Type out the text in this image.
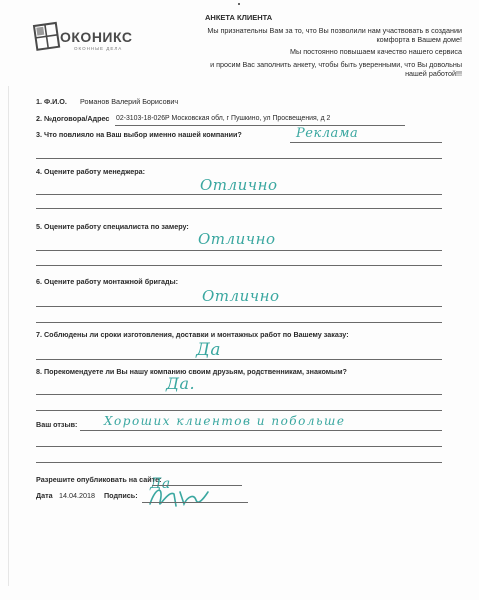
ОКОНИКС
ОКОННЫЕ ДЕЛА
АНКЕТА КЛИЕНТА
Мы признательны Вам за то, что Вы позволили нам участвовать в создании
комфорта в Вашем доме!
Мы постоянно повышаем качество нашего сервиса
и просим Вас заполнить анкету, чтобы быть уверенными, что Вы довольны
нашей работой!!!
1. Ф.И.О. Романов Валерий Борисович
2. №договора/Адрес 02-3103-18-026Р Московская обл, г Пушкино, ул Просвещения, д 2
3. Что повлияло на Ваш выбор именно нашей компании?	Реклама
4. Оцените работу менеджера:
Отлично
5. Оцените работу специалиста по замеру:
Отлично
6. Оцените работу монтажной бригады:
Отлично
7. Соблюдены ли сроки изготовления, доставки и монтажных работ по Вашему заказу:
Да
8. Порекомендуете ли Вы нашу компанию своим друзьям, родственникам, знакомым?
Да.
Ваш отзыв: Хороших клиентов и побольше
Разрешите опубликовать на сайте:
Да
Дата 14.04.2018 Подпись:
